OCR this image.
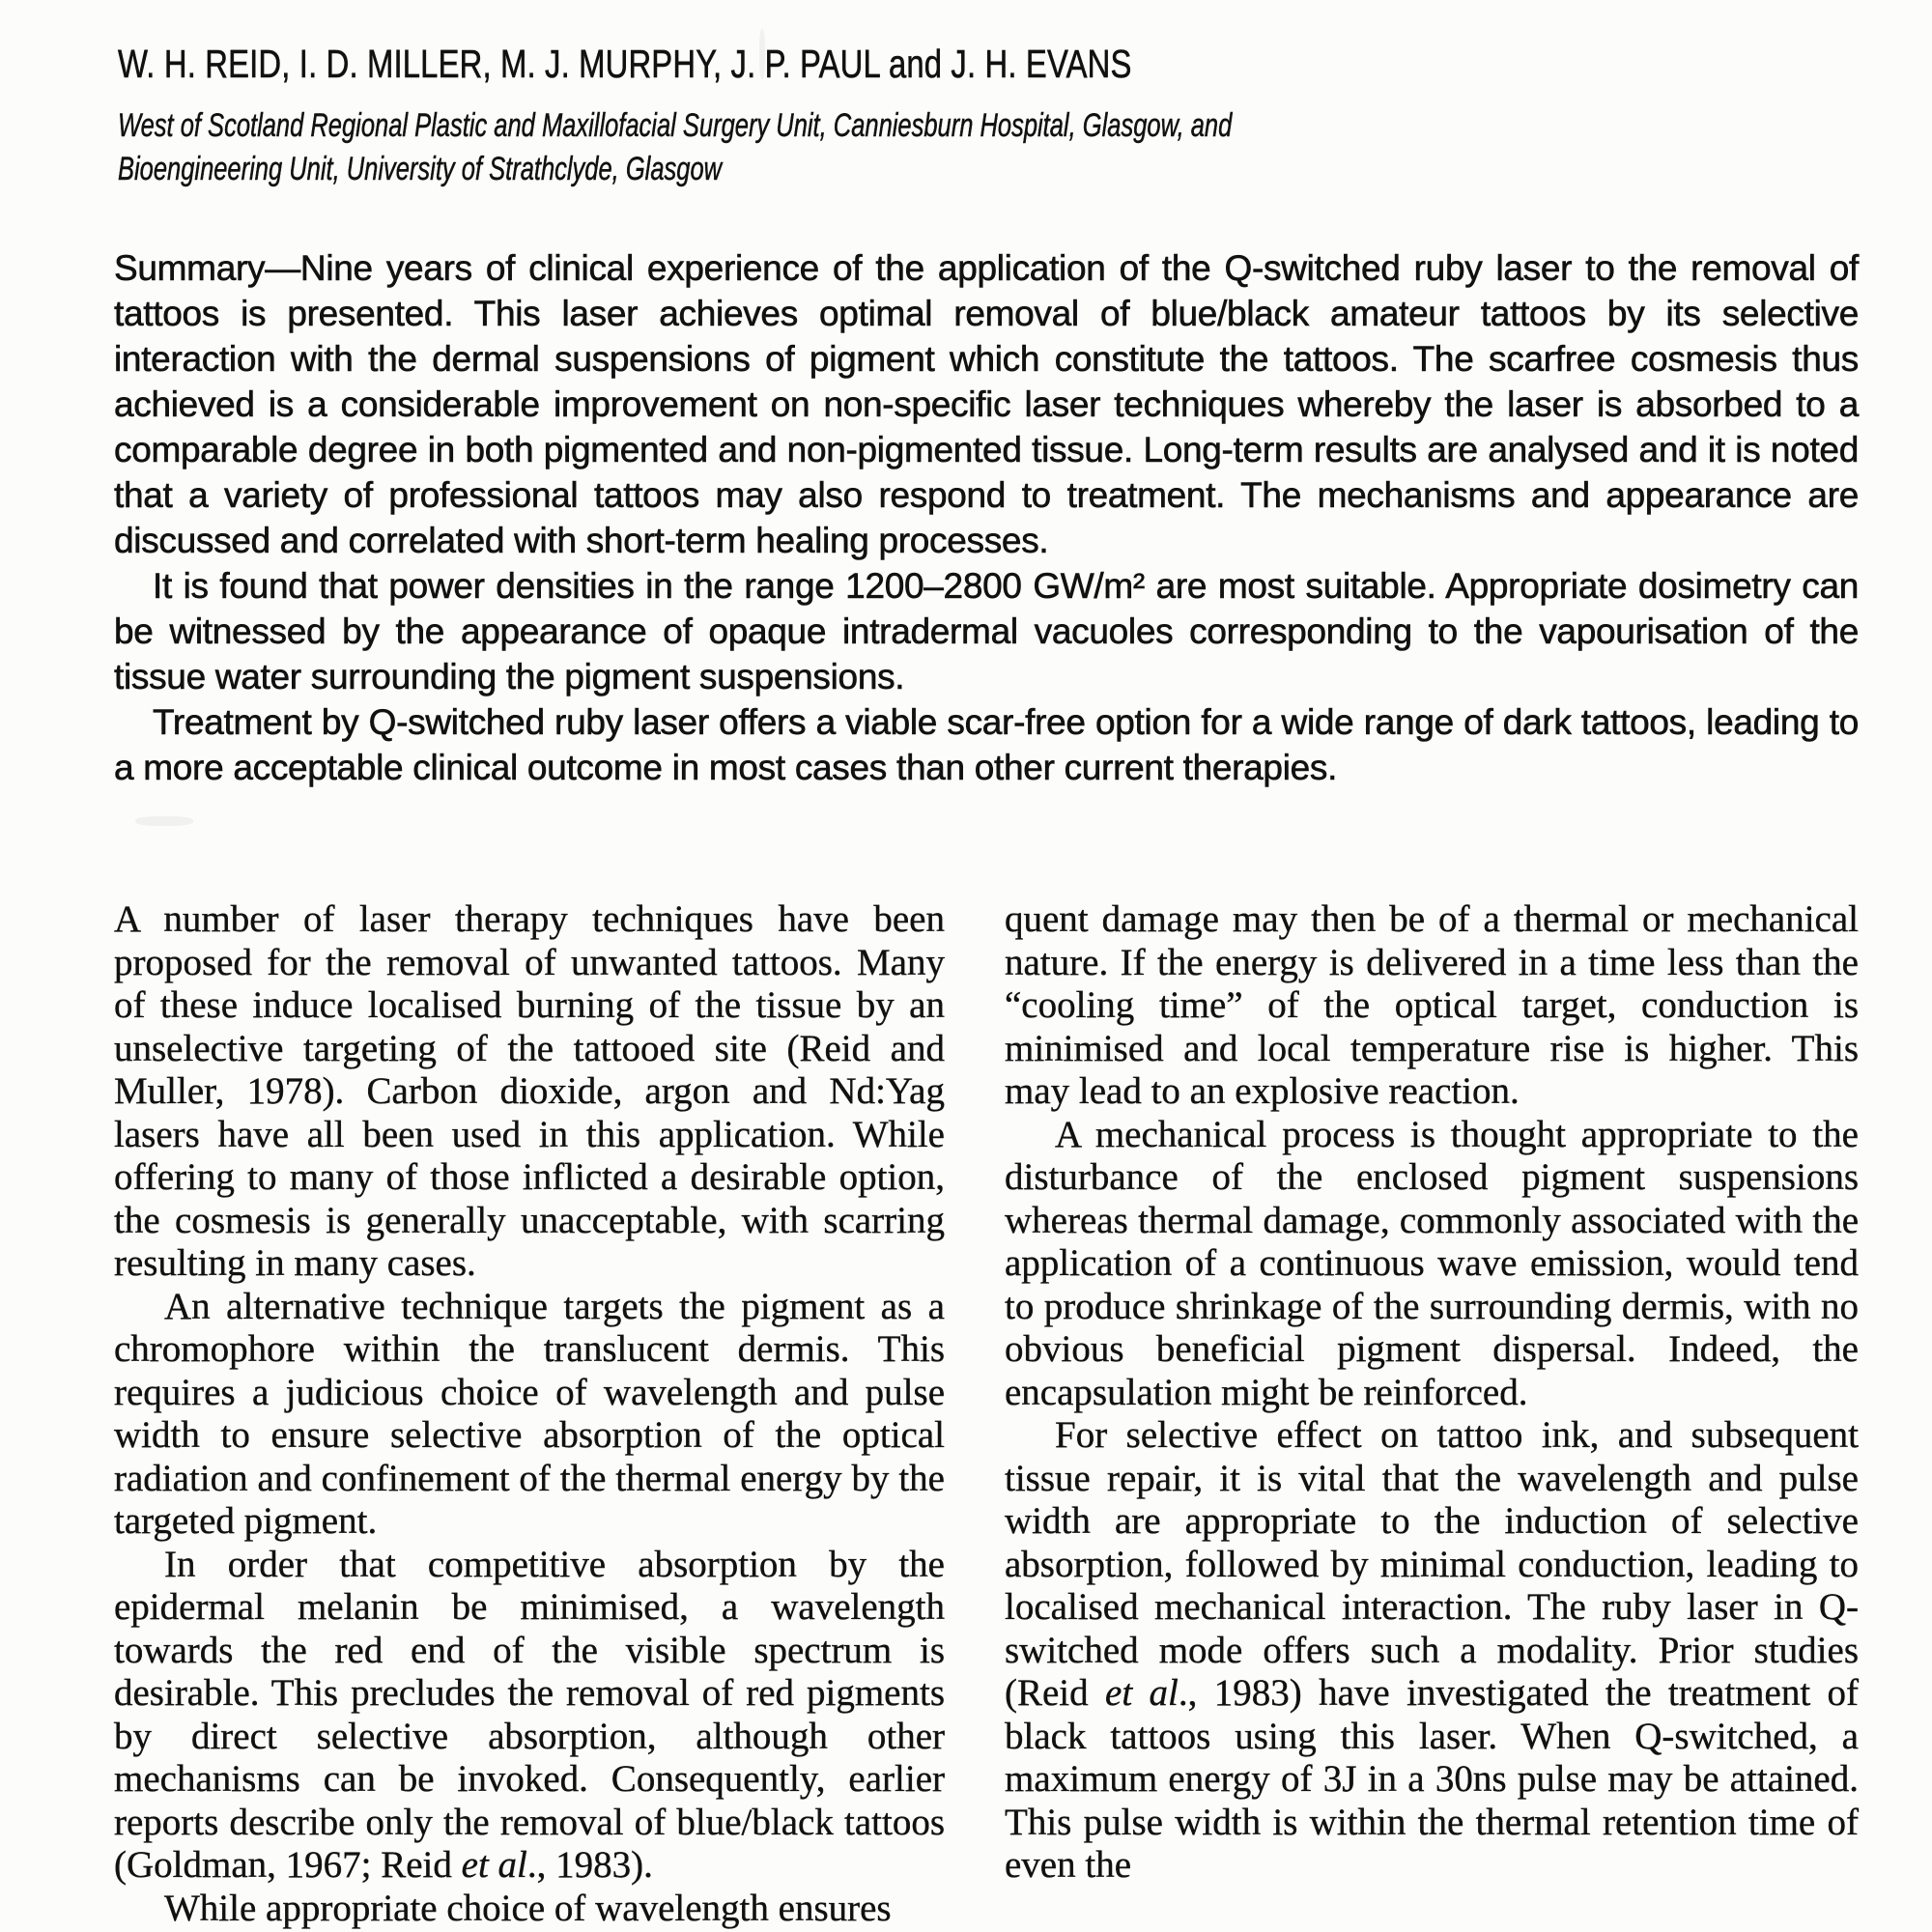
W. H. REID, I. D. MILLER, M. J. MURPHY, J. P. PAUL and J. H. EVANS
West of Scotland Regional Plastic and Maxillofacial Surgery Unit, Canniesburn Hospital, Glasgow, and
Bioengineering Unit, University of Strathclyde, Glasgow

Summary—Nine years of clinical experience of the application of the Q-switched ruby laser to the removal of tattoos is presented. This laser achieves optimal removal of blue/black amateur tattoos by its selective interaction with the dermal suspensions of pigment which constitute the tattoos. The scarfree cosmesis thus achieved is a considerable improvement on non-specific laser techniques whereby the laser is absorbed to a comparable degree in both pigmented and non-pigmented tissue. Long-term results are analysed and it is noted that a variety of professional tattoos may also respond to treatment. The mechanisms and appearance are discussed and correlated with short-term healing processes.

It is found that power densities in the range 1200–2800 GW/m² are most suitable. Appropriate dosimetry can be witnessed by the appearance of opaque intradermal vacuoles corresponding to the vapourisation of the tissue water surrounding the pigment suspensions.

Treatment by Q-switched ruby laser offers a viable scar-free option for a wide range of dark tattoos, leading to a more acceptable clinical outcome in most cases than other current therapies.

A number of laser therapy techniques have been proposed for the removal of unwanted tattoos. Many of these induce localised burning of the tissue by an unselective targeting of the tattooed site (Reid and Muller, 1978). Carbon dioxide, argon and Nd:Yag lasers have all been used in this application. While offering to many of those inflicted a desirable option, the cosmesis is generally unacceptable, with scarring resulting in many cases.

An alternative technique targets the pigment as a chromophore within the translucent dermis. This requires a judicious choice of wavelength and pulse width to ensure selective absorption of the optical radiation and confinement of the thermal energy by the targeted pigment.

In order that competitive absorption by the epidermal melanin be minimised, a wavelength towards the red end of the visible spectrum is desirable. This precludes the removal of red pigments by direct selective absorption, although other mechanisms can be invoked. Consequently, earlier reports describe only the removal of blue/black tattoos (Goldman, 1967; Reid et al., 1983).

While appropriate choice of wavelength ensures

quent damage may then be of a thermal or mechanical nature. If the energy is delivered in a time less than the “cooling time” of the optical target, conduction is minimised and local temperature rise is higher. This may lead to an explosive reaction.

A mechanical process is thought appropriate to the disturbance of the enclosed pigment suspensions whereas thermal damage, commonly associated with the application of a continuous wave emission, would tend to produce shrinkage of the surrounding dermis, with no obvious beneficial pigment dispersal. Indeed, the encapsulation might be reinforced.

For selective effect on tattoo ink, and subsequent tissue repair, it is vital that the wavelength and pulse width are appropriate to the induction of selective absorption, followed by minimal conduction, leading to localised mechanical interaction. The ruby laser in Q-switched mode offers such a modality. Prior studies (Reid et al., 1983) have investigated the treatment of black tattoos using this laser. When Q-switched, a maximum energy of 3J in a 30ns pulse may be attained. This pulse width is within the thermal retention time of even the
